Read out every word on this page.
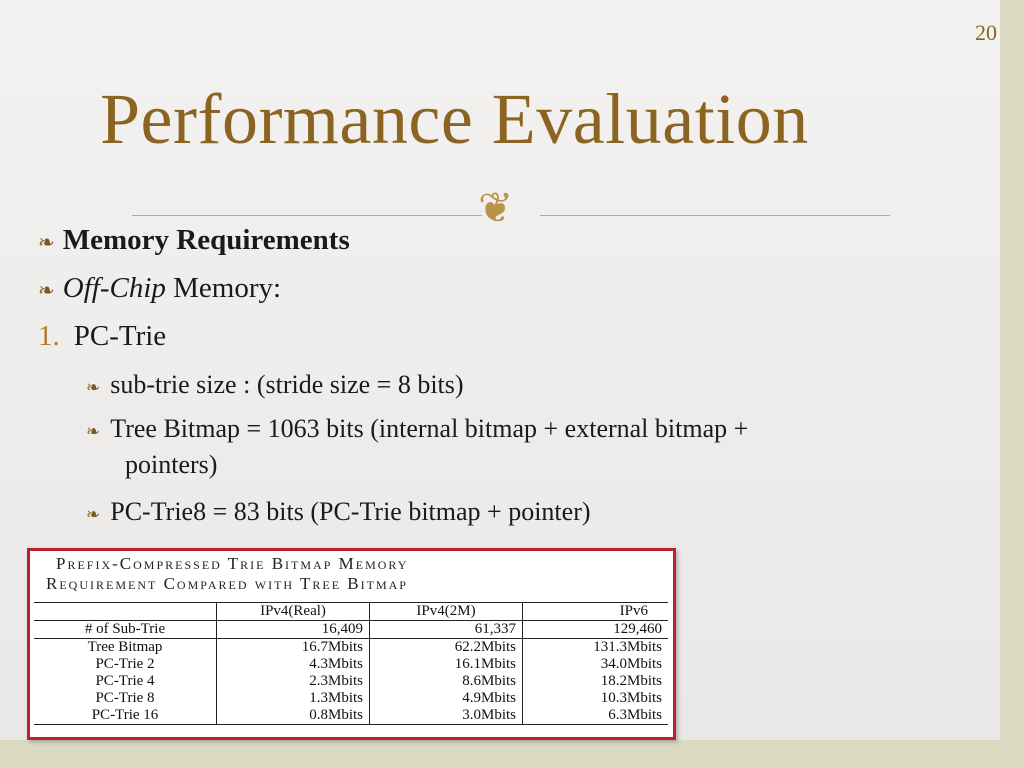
20
Performance Evaluation
❦
❧ Memory Requirements
❧ Off-Chip Memory:
1. PC-Trie
❧ sub-trie size : (stride size = 8 bits)
❧ Tree Bitmap = 1063 bits (internal bitmap + external bitmap +
pointers)
❧ PC-Trie8 = 83 bits (PC-Trie bitmap + pointer)
Prefix-Compressed Trie Bitmap Memory
Requirement Compared with Tree Bitmap
	IPv4(Real)	IPv4(2M)	IPv6
# of Sub-Trie	16,409	61,337	129,460
Tree Bitmap	16.7Mbits	62.2Mbits	131.3Mbits
PC-Trie 2	4.3Mbits	16.1Mbits	34.0Mbits
PC-Trie 4	2.3Mbits	8.6Mbits	18.2Mbits
PC-Trie 8	1.3Mbits	4.9Mbits	10.3Mbits
PC-Trie 16	0.8Mbits	3.0Mbits	6.3Mbits
